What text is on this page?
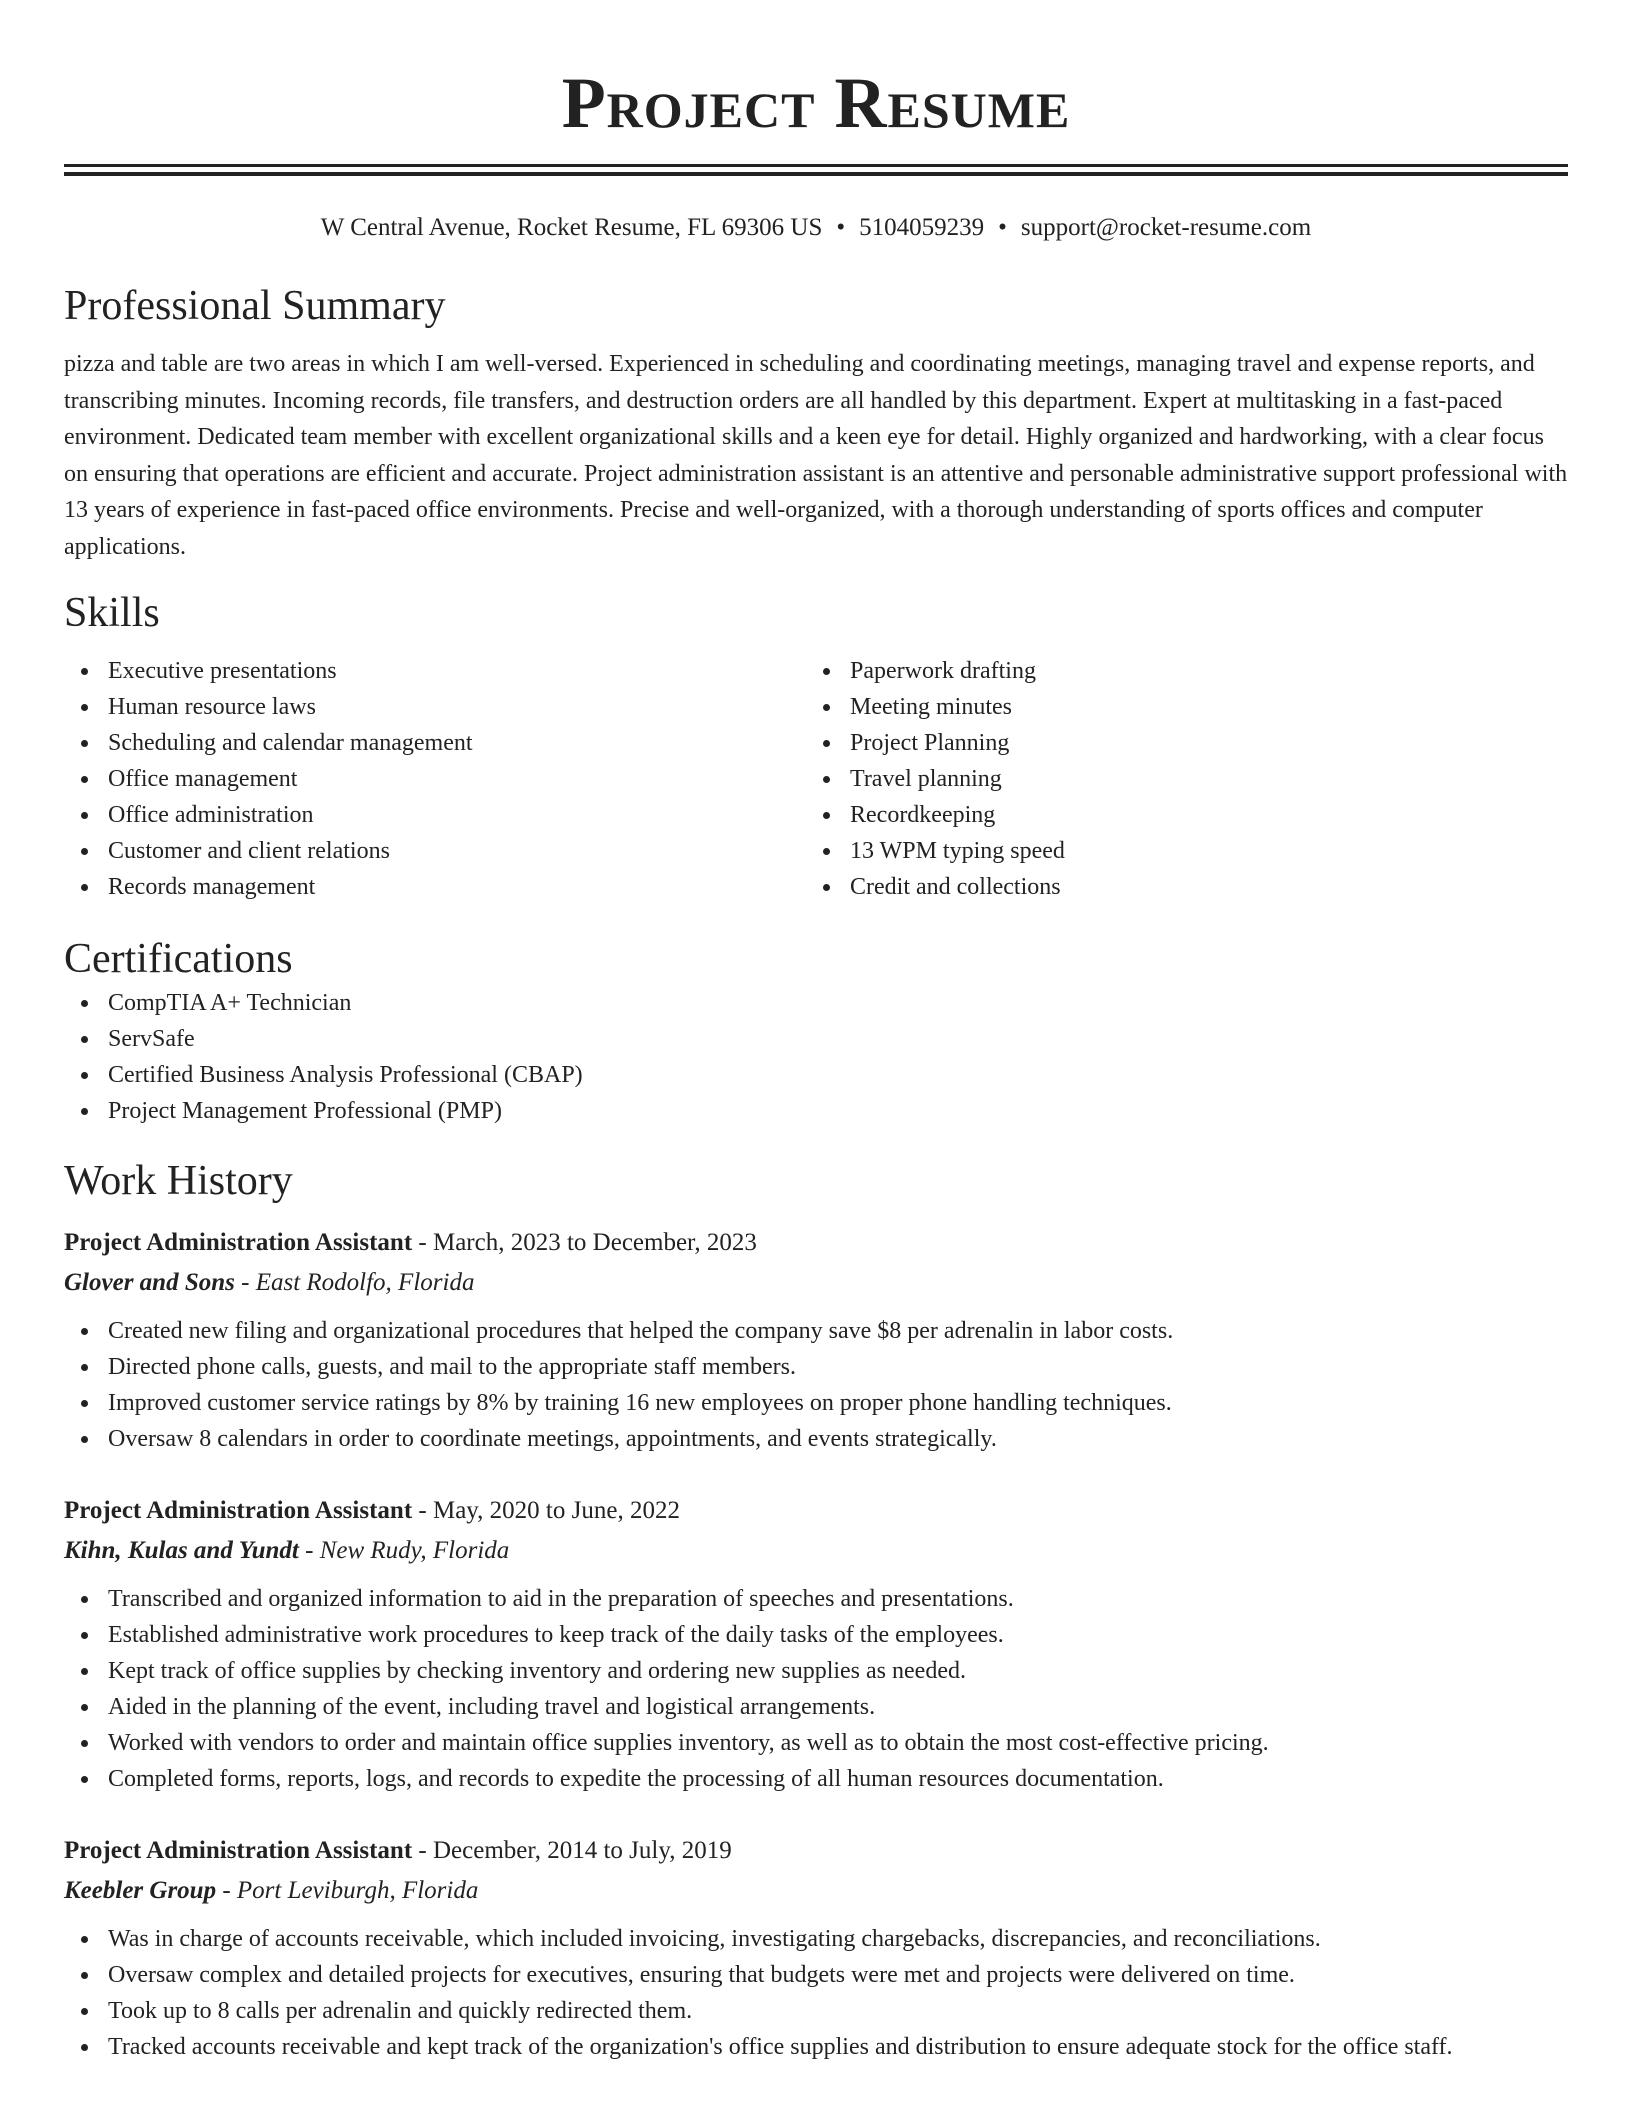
Project Resume
W Central Avenue, Rocket Resume, FL 69306 US • 5104059239 • support@rocket-resume.com
Professional Summary
pizza and table are two areas in which I am well-versed. Experienced in scheduling and coordinating meetings, managing travel and expense reports, and transcribing minutes. Incoming records, file transfers, and destruction orders are all handled by this department. Expert at multitasking in a fast-paced environment. Dedicated team member with excellent organizational skills and a keen eye for detail. Highly organized and hardworking, with a clear focus on ensuring that operations are efficient and accurate. Project administration assistant is an attentive and personable administrative support professional with 13 years of experience in fast-paced office environments. Precise and well-organized, with a thorough understanding of sports offices and computer applications.
Skills
Executive presentations
Human resource laws
Scheduling and calendar management
Office management
Office administration
Customer and client relations
Records management
Paperwork drafting
Meeting minutes
Project Planning
Travel planning
Recordkeeping
13 WPM typing speed
Credit and collections
Certifications
CompTIA A+ Technician
ServSafe
Certified Business Analysis Professional (CBAP)
Project Management Professional (PMP)
Work History
Project Administration Assistant - March, 2023 to December, 2023
Glover and Sons - East Rodolfo, Florida
Created new filing and organizational procedures that helped the company save $8 per adrenalin in labor costs.
Directed phone calls, guests, and mail to the appropriate staff members.
Improved customer service ratings by 8% by training 16 new employees on proper phone handling techniques.
Oversaw 8 calendars in order to coordinate meetings, appointments, and events strategically.
Project Administration Assistant - May, 2020 to June, 2022
Kihn, Kulas and Yundt - New Rudy, Florida
Transcribed and organized information to aid in the preparation of speeches and presentations.
Established administrative work procedures to keep track of the daily tasks of the employees.
Kept track of office supplies by checking inventory and ordering new supplies as needed.
Aided in the planning of the event, including travel and logistical arrangements.
Worked with vendors to order and maintain office supplies inventory, as well as to obtain the most cost-effective pricing.
Completed forms, reports, logs, and records to expedite the processing of all human resources documentation.
Project Administration Assistant - December, 2014 to July, 2019
Keebler Group - Port Leviburgh, Florida
Was in charge of accounts receivable, which included invoicing, investigating chargebacks, discrepancies, and reconciliations.
Oversaw complex and detailed projects for executives, ensuring that budgets were met and projects were delivered on time.
Took up to 8 calls per adrenalin and quickly redirected them.
Tracked accounts receivable and kept track of the organization's office supplies and distribution to ensure adequate stock for the office staff.
